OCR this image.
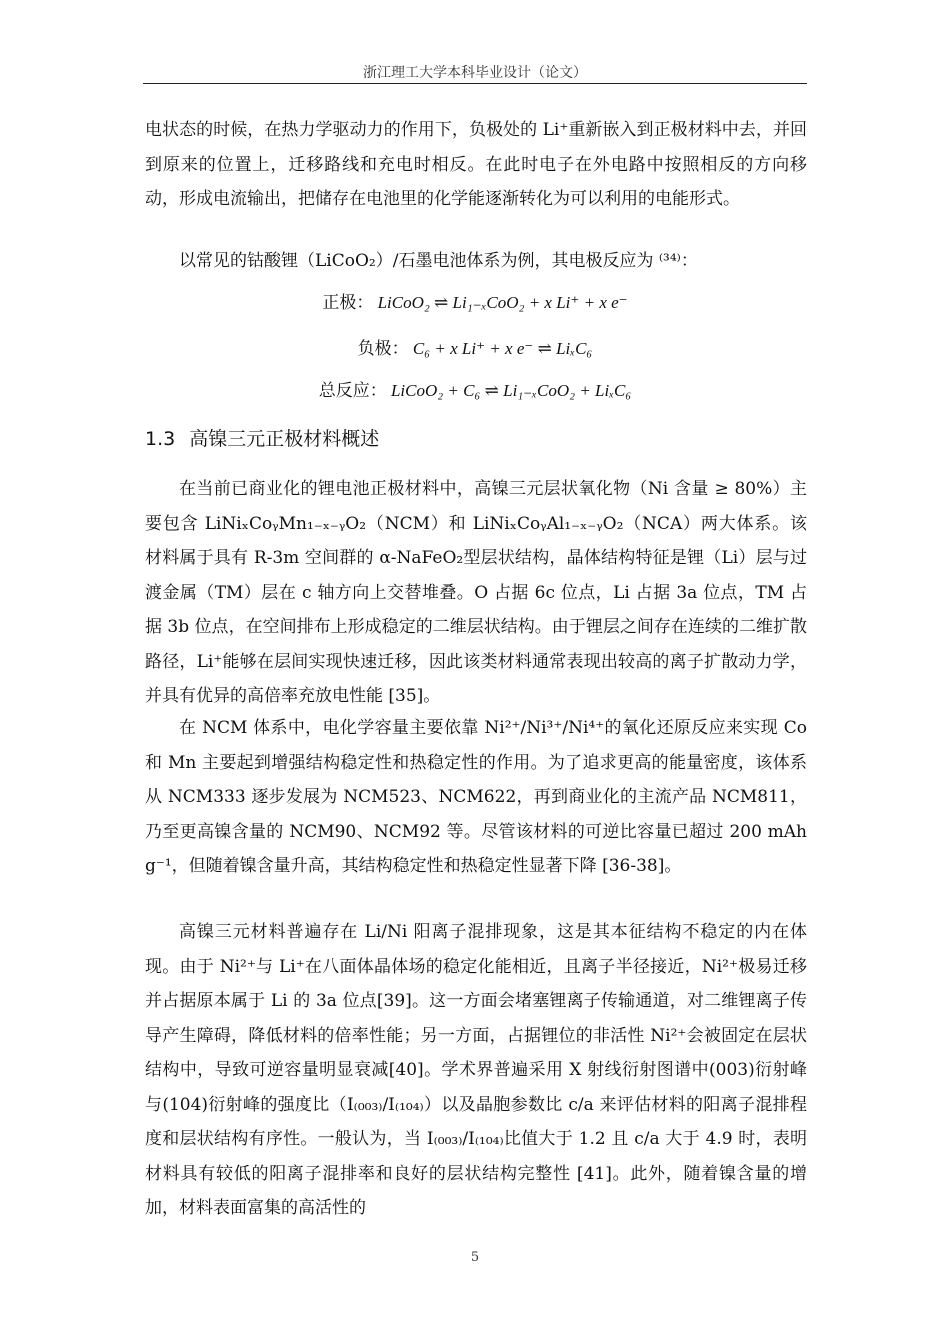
浙江理工大学本科毕业设计（论文）

电状态的时候，在热力学驱动力的作用下，负极处的 Li⁺重新嵌入到正极材料中去，并回到原来的位置上，迁移路线和充电时相反。在此时电子在外电路中按照相反的方向移动，形成电流输出，把储存在电池里的化学能逐渐转化为可以利用的电能形式。

以常见的钴酸锂（LiCoO₂）/石墨电池体系为例，其电极反应为 ⁽³⁴⁾：

正极： LiCoO₂ ⇌ Li₁₋ₓCoO₂ + x Li⁺ + x e⁻
负极： C₆ + x Li⁺ + x e⁻ ⇌ LiₓC₆
总反应： LiCoO₂ + C₆ ⇌ Li₁₋ₓCoO₂ + LiₓC₆
1.3 高镍三元正极材料概述

在当前已商业化的锂电池正极材料中，高镍三元层状氧化物（Ni 含量 ≥ 80%）主要包含 LiNiₓCoᵧMn₁₋ₓ₋ᵧO₂（NCM）和 LiNiₓCoᵧAl₁₋ₓ₋ᵧO₂（NCA）两大体系。该材料属于具有 R-3m 空间群的 α-NaFeO₂型层状结构，晶体结构特征是锂（Li）层与过渡金属（TM）层在 c 轴方向上交替堆叠。O 占据 6c 位点，Li 占据 3a 位点，TM 占据 3b 位点，在空间排布上形成稳定的二维层状结构。由于锂层之间存在连续的二维扩散路径，Li⁺能够在层间实现快速迁移，因此该类材料通常表现出较高的离子扩散动力学，并具有优异的高倍率充放电性能 [35]。

在 NCM 体系中，电化学容量主要依靠 Ni²⁺/Ni³⁺/Ni⁴⁺的氧化还原反应来实现 Co 和 Mn 主要起到增强结构稳定性和热稳定性的作用。为了追求更高的能量密度，该体系从 NCM333 逐步发展为 NCM523、NCM622，再到商业化的主流产品 NCM811，乃至更高镍含量的 NCM90、NCM92 等。尽管该材料的可逆比容量已超过 200 mAh g⁻¹，但随着镍含量升高，其结构稳定性和热稳定性显著下降 [36-38]。

高镍三元材料普遍存在 Li/Ni 阳离子混排现象，这是其本征结构不稳定的内在体现。由于 Ni²⁺与 Li⁺在八面体晶体场的稳定化能相近，且离子半径接近，Ni²⁺极易迁移并占据原本属于 Li 的 3a 位点[39]。这一方面会堵塞锂离子传输通道，对二维锂离子传导产生障碍，降低材料的倍率性能；另一方面，占据锂位的非活性 Ni²⁺会被固定在层状结构中，导致可逆容量明显衰减[40]。学术界普遍采用 X 射线衍射图谱中(003)衍射峰与(104)衍射峰的强度比（I₍₀₀₃₎/I₍₁₀₄₎）以及晶胞参数比 c/a 来评估材料的阳离子混排程度和层状结构有序性。一般认为，当 I₍₀₀₃₎/I₍₁₀₄₎比值大于 1.2 且 c/a 大于 4.9 时，表明材料具有较低的阳离子混排率和良好的层状结构完整性 [41]。此外，随着镍含量的增加，材料表面富集的高活性的

5
